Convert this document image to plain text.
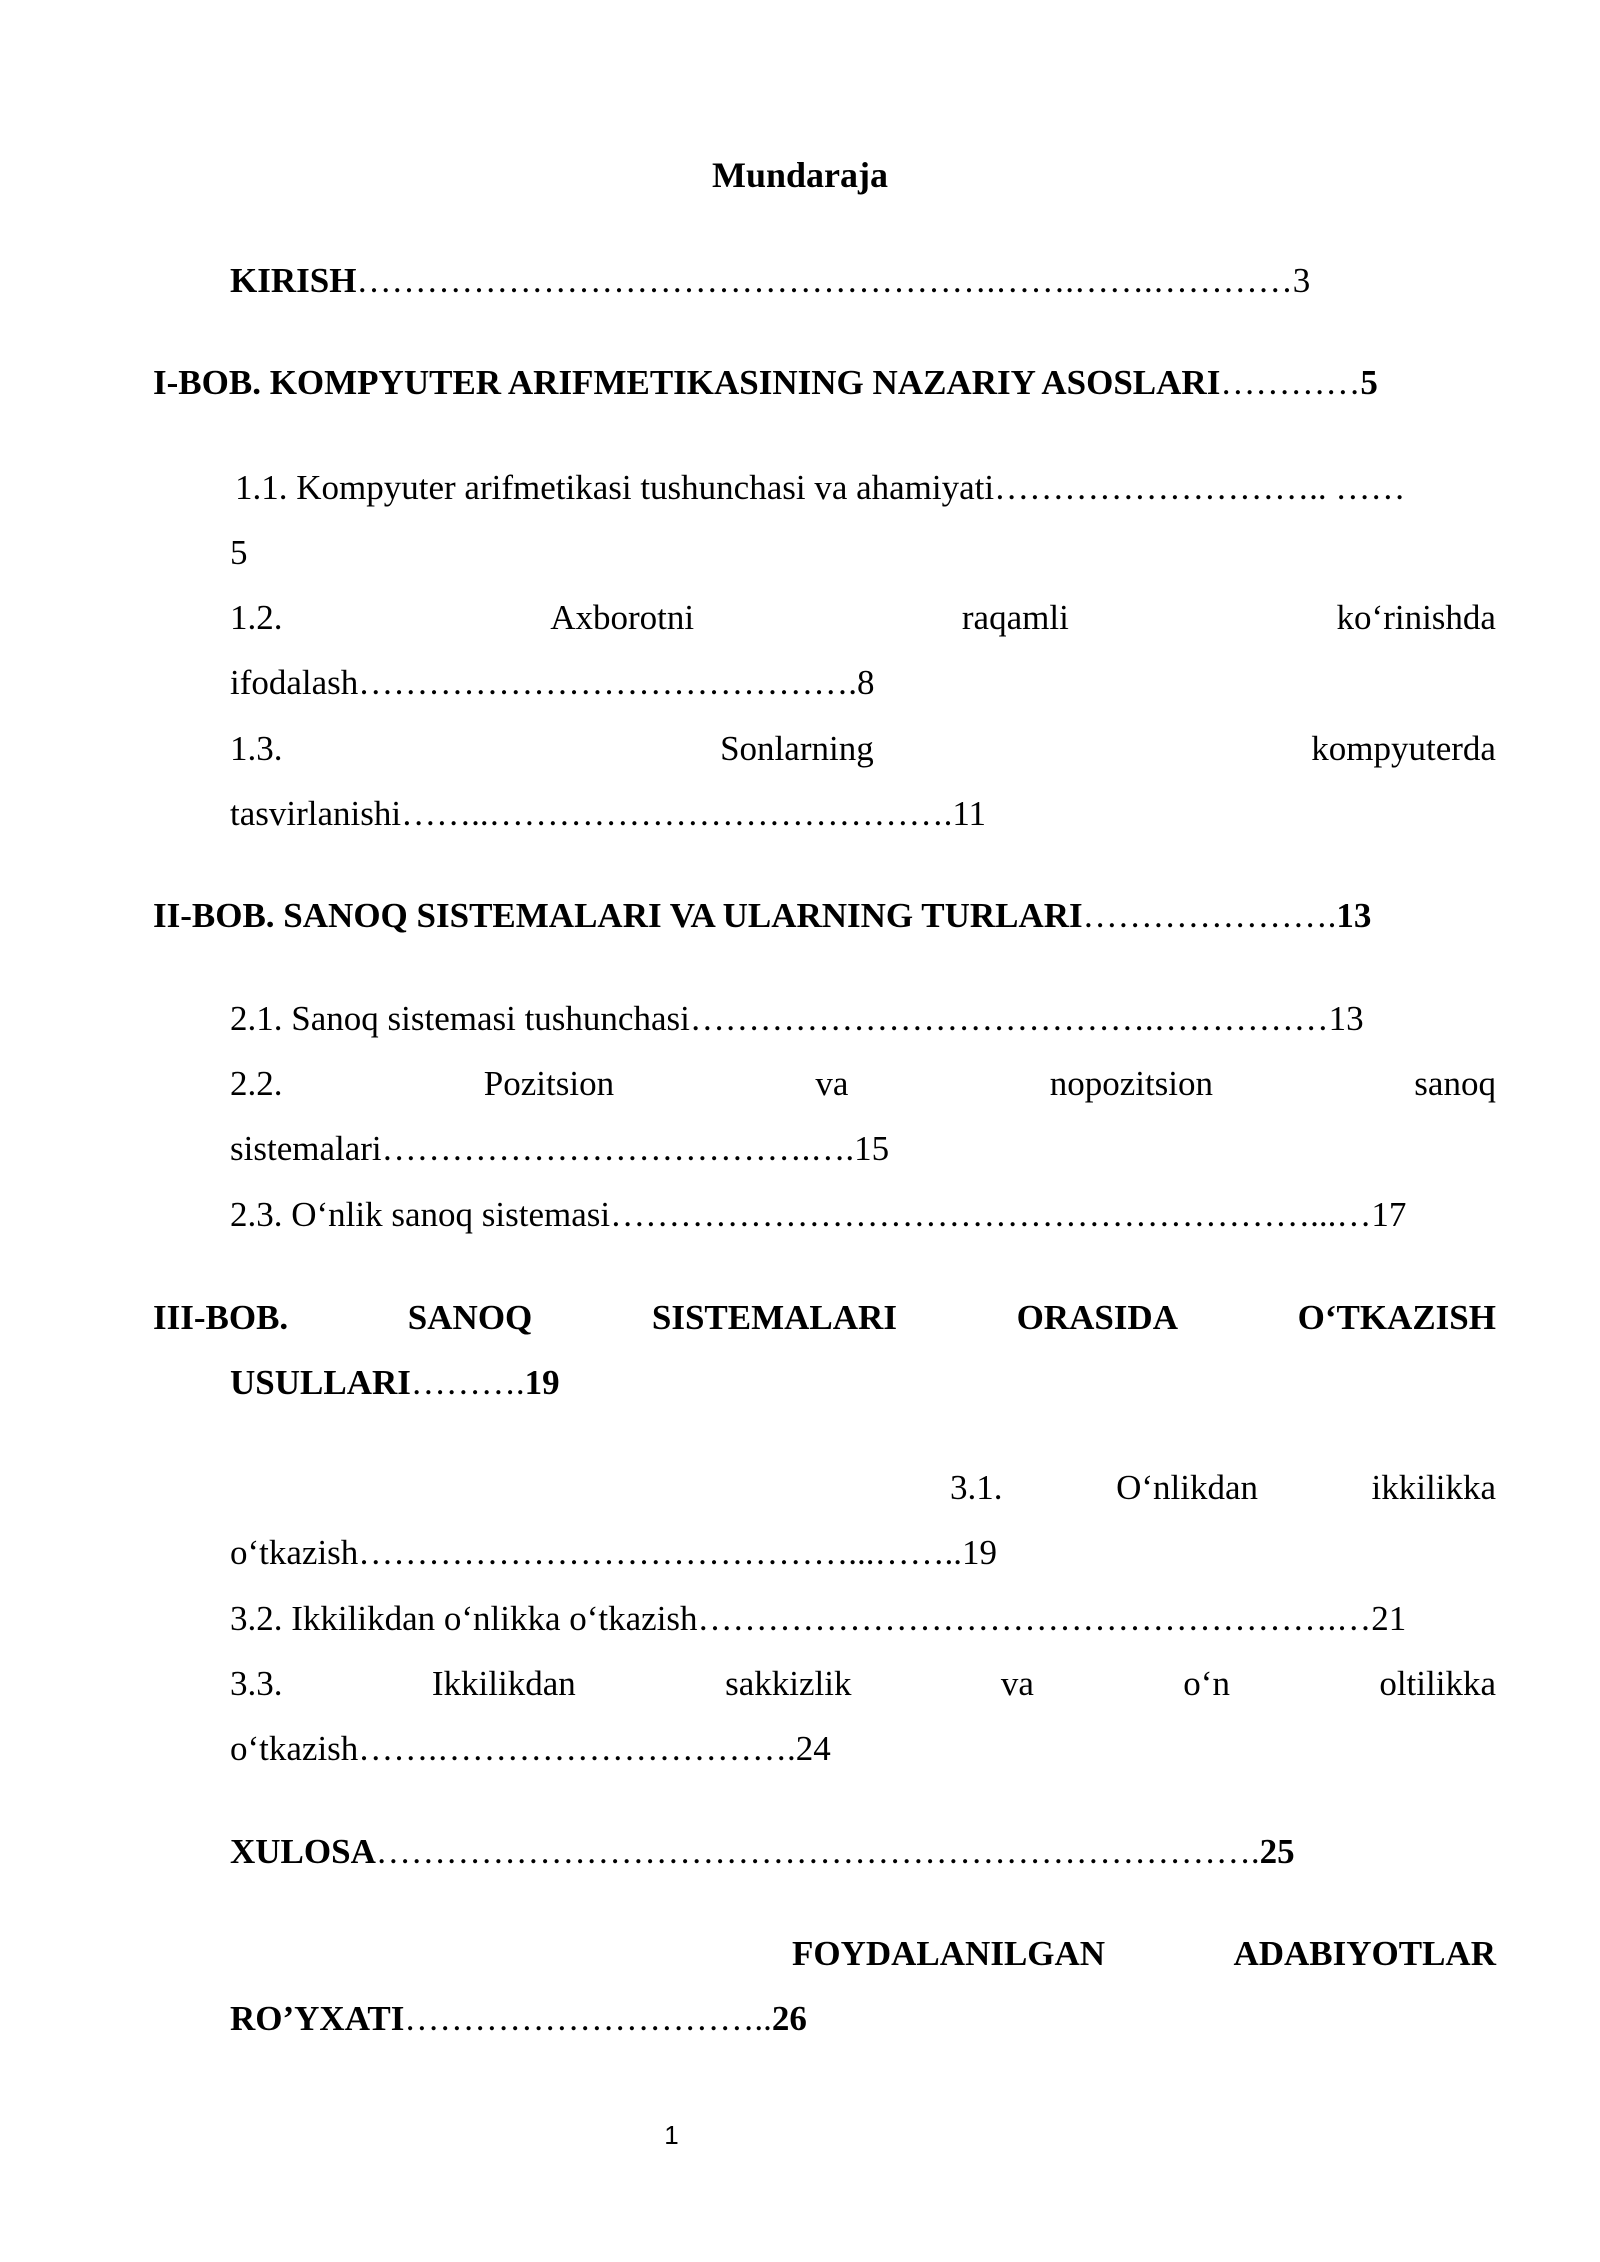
Mundaraja
KIRISH……………………………………………….…….…….…………3
I-BOB. KOMPYUTER ARIFMETIKASINING NAZARIY ASOSLARI…………5
1.1. Kompyuter arifmetikasi tushunchasi va ahamiyati……………………….. ……
5
1.2.	Axborotni	raqamli	ko‘rinishda
ifodalash…………………………………….8
1.3.	Sonlarning	kompyuterda
tasvirlanishi……..………………………………….11
II-BOB. SANOQ SISTEMALARI VA ULARNING TURLARI………………….13
2.1. Sanoq sistemasi tushunchasi………………………………….……………13
2.2.	Pozitsion	va	nopozitsion	sanoq
sistemalari……………………………….….15
2.3. O‘nlik sanoq sistemasi……………………………………………………...…17
III-BOB.	SANOQ	SISTEMALARI	ORASIDA	O‘TKAZISH
USULLARI……….19
3.1.	O‘nlikdan	ikkilikka
o‘tkazish……………………………………...……..19
3.2. Ikkilikdan o‘nlikka o‘tkazish……………………………………………….…21
3.3.	Ikkilikdan	sakkizlik	va	o‘n	oltilikka
o‘tkazish…….………………………….24
XULOSA………………………………………………………………….25
FOYDALANILGAN	ADABIYOTLAR
RO’YXATI…………………………..26
1
